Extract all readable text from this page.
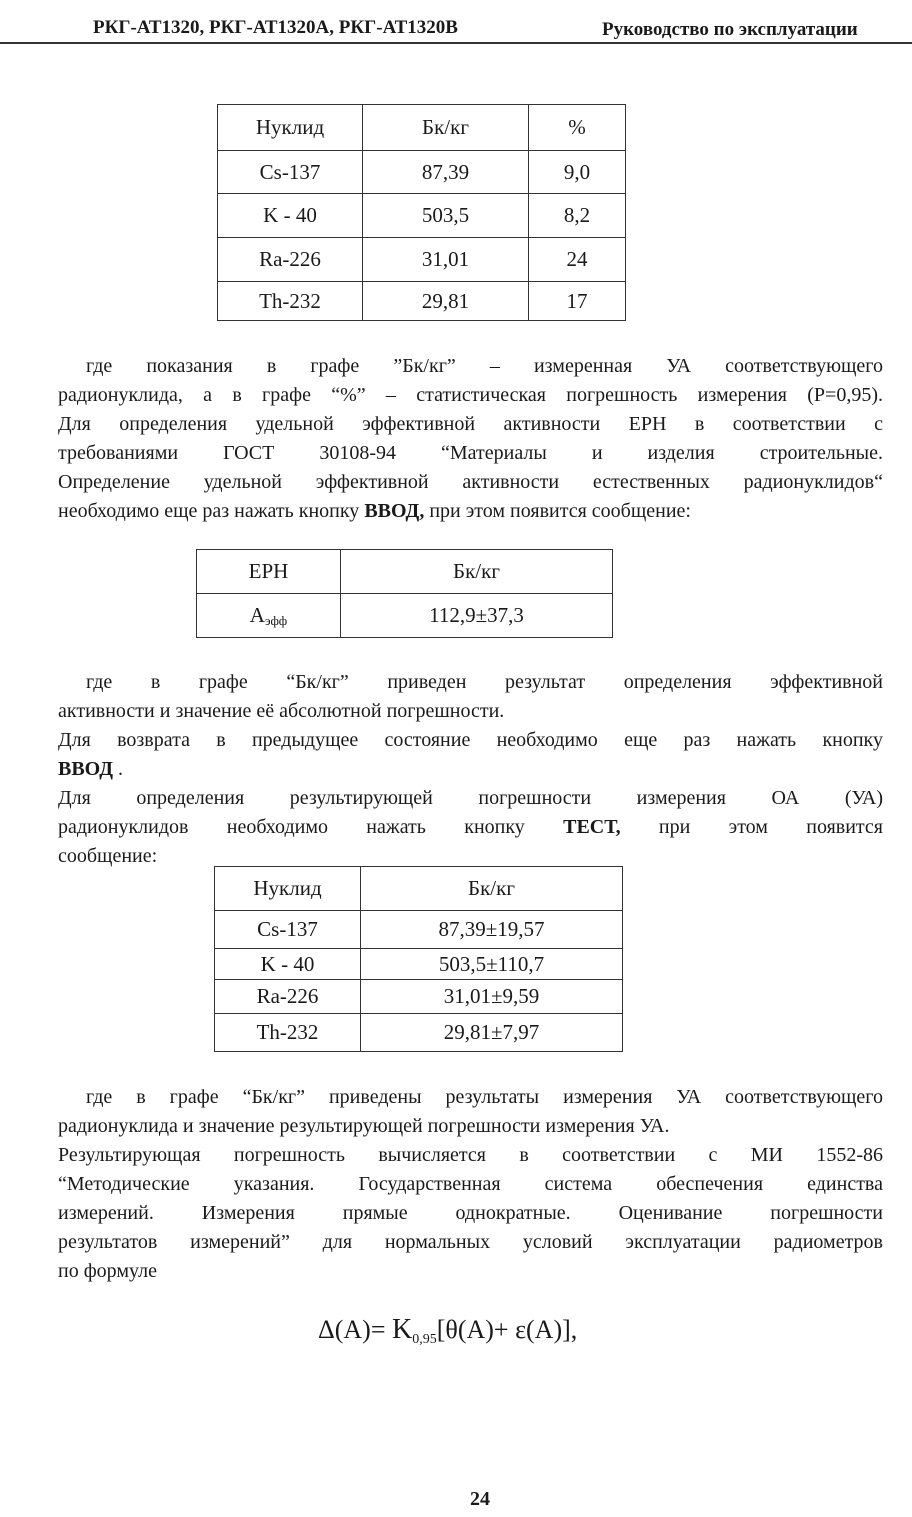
РКГ-АТ1320, РКГ-АТ1320А, РКГ-АТ1320В	Руководство по эксплуатации
Нуклид	Бк/кг	%
Cs-137	87,39	9,0
K - 40	503,5	8,2
Ra-226	31,01	24
Th-232	29,81	17

где показания в графе ”Бк/кг” – измеренная УА соответствующего

радионуклида, а в графе “%” – статистическая погрешность измерения (Р=0,95).

Для определения удельной эффективной активности ЕРН в соответствии с

требованиями ГОСТ 30108-94 “Материалы и изделия строительные.

Определение удельной эффективной активности естественных радионуклидов“

необходимо еще раз нажать кнопку ВВОД, при этом появится сообщение:

ЕРН	Бк/кг
$А_{эфф}$	112,9±37,3

где в графе “Бк/кг” приведен результат определения эффективной

активности и значение её абсолютной погрешности.

Для возврата в предыдущее состояние необходимо еще раз нажать кнопку

ВВОД .

Для определения результирующей погрешности измерения ОА (УА)

радионуклидов необходимо нажать кнопку ТЕСТ, при этом появится

сообщение:

Нуклид	Бк/кг
Cs-137	87,39±19,57
K - 40	503,5±110,7
Ra-226	31,01±9,59
Th-232	29,81±7,97

где в графе “Бк/кг” приведены результаты измерения УА соответствующего

радионуклида и значение результирующей погрешности измерения УА.

Результирующая погрешность вычисляется в соответствии с МИ 1552-86

“Методические указания. Государственная система обеспечения единства

измерений. Измерения прямые однократные. Оценивание погрешности

результатов измерений” для нормальных условий эксплуатации радиометров

по формуле

Δ(A)= K0,95[θ(A)+ ε(A)],
24
